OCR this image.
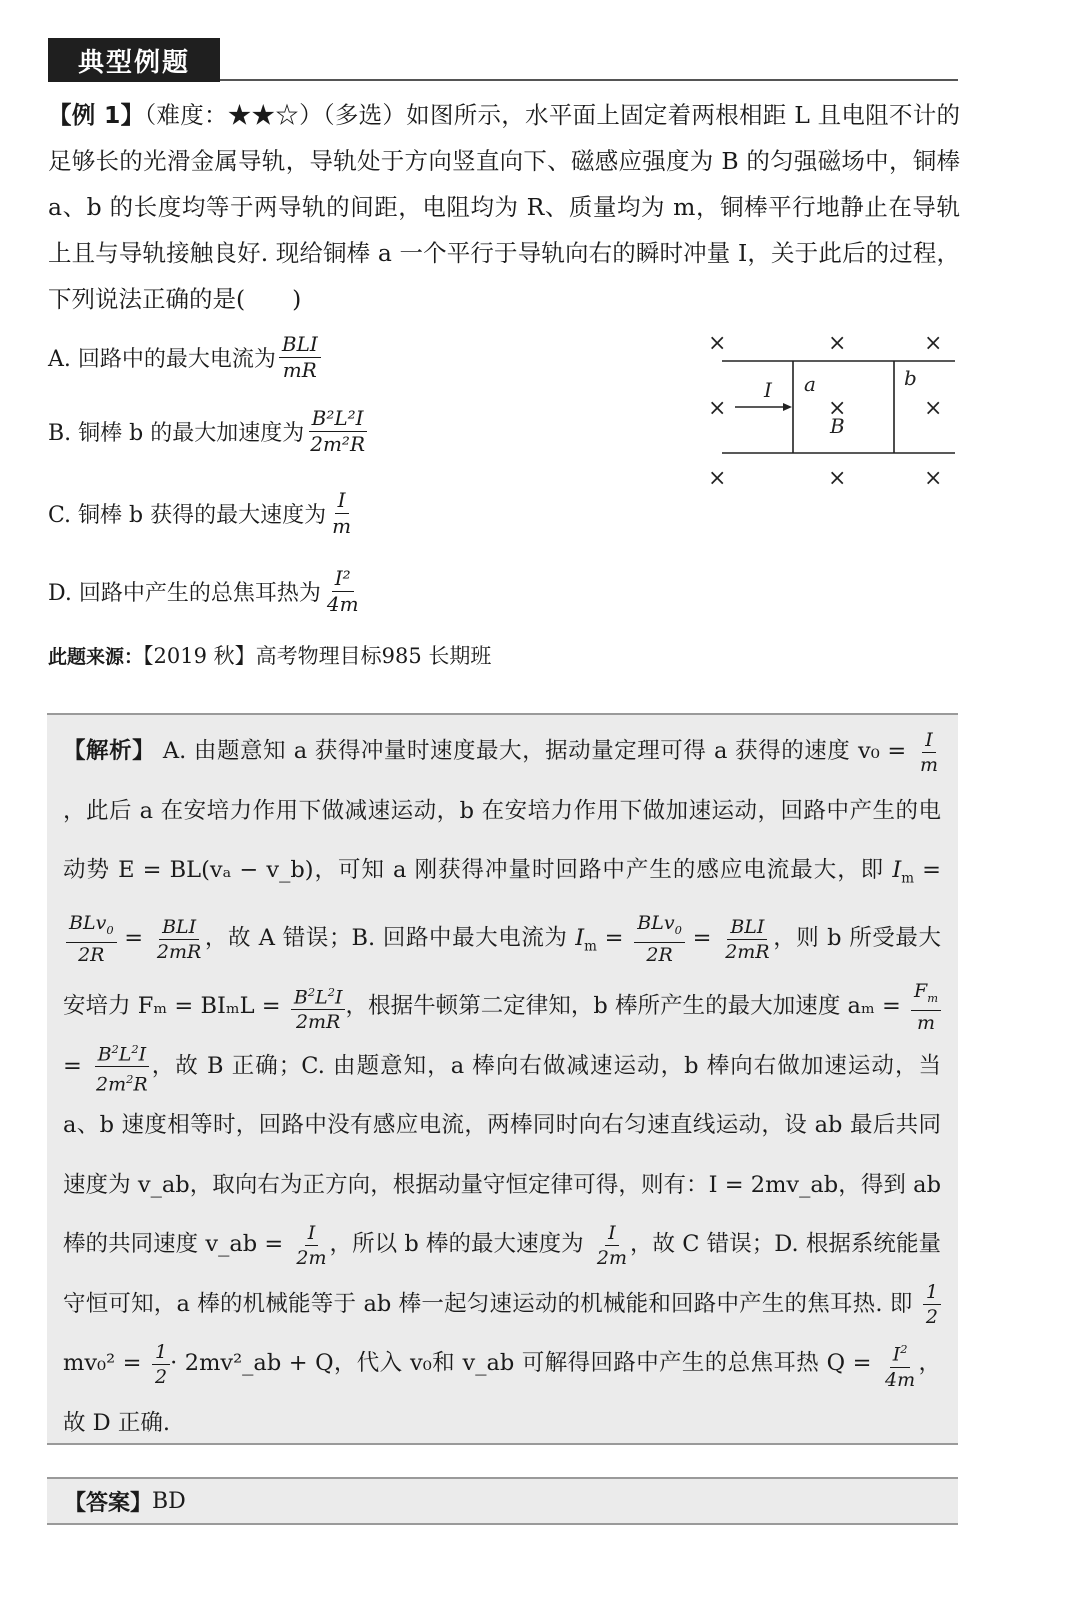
典型例题
【例 1】（难度：★★☆）（多选）如图所示，水平面上固定着两根相距 L 且电阻不计的足够长的光滑金属导轨，导轨处于方向竖直向下、磁感应强度为 B 的匀强磁场中，铜棒 a、b 的长度均等于两导轨的间距，电阻均为 R、质量均为 m，铜棒平行地静止在导轨上且与导轨接触良好. 现给铜棒 a 一个平行于导轨向右的瞬时冲量 I，关于此后的过程，下列说法正确的是(　　)
A. 回路中的最大电流为 $\frac{\text{BLI}}{mR}$
B. 铜棒 b 的最大加速度为 $\frac{\text{B²L²I}}{\text{2m²R}}$
C. 铜棒 b 获得的最大速度为 $\frac{I}{m}$
D. 回路中产生的总焦耳热为 $\frac{\text{I²}}{4m}$
此题来源：【2019 秋】高考物理目标985 长期班
×	×	×
×	×	×
×	×	×
I a	b
B
【解析】 A. 由题意知 a 获得冲量时速度最大，据动量定理可得 a 获得的速度 $v_0 = \frac{I}{m}$
，此后 a 在安培力作用下做减速运动，b 在安培力作用下做加速运动，回路中产生的电动势 E = BL(vₐ − v_b)，可知 a 刚获得冲量时回路中产生的感应电流最大，即 $I_m$ =
$\frac{BLv_0}{2R} = \frac{\text{BLI}}{2mR}$ ，故 A 错误；B. 回路中最大电流为 $I_m = \frac{BLv_0}{2R} = \frac{\text{BLI}}{2mR}$ ，则 b 所受最大安培力 $F_m = BI_mL = \frac{B^2L^2I}{2mR}$ ，根据牛顿第二定律知，b 棒所产生的最大加速度 $a_m = \frac{F_m}{m}$
= $\frac{B^2L^2I}{2m^2R}$ ，故 B 正确；C. 由题意知，a 棒向右做减速运动，b 棒向右做加速运动，当 a、b 速度相等时，回路中没有感应电流，两棒同时向右匀速直线运动，设 ab 最后共同速度为 v_ab，取向右为正方向，根据动量守恒定律可得，则有：I = 2mv_ab，得到 ab 棒的共同速度 v_ab = $\frac{I}{2m}$ ，所以 b 棒的最大速度为 $\frac{I}{2m}$ ，故 C 错误；D. 根据系统能量守恒可知，a 棒的机械能等于 ab 棒一起匀速运动的机械能和回路中产生的焦耳热. 即 $\frac{1}{2}$
$mv_0^2 = \frac{1}{2}$ · 2mv²_ab + Q，代入 v₀和 v_ab 可解得回路中产生的总焦耳热 $Q = \frac{I^2}{4m}$ ，故 D 正确.
【答案】 BD
